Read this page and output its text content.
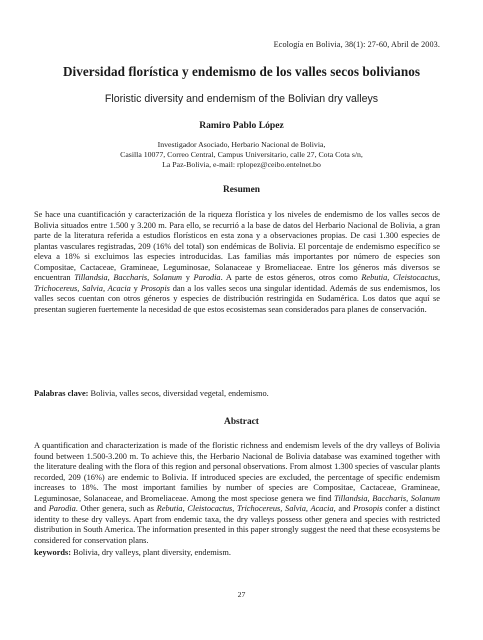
Ecología en Bolivia, 38(1): 27-60, Abril de 2003.
Diversidad florística y endemismo de los valles secos bolivianos
Floristic diversity and endemism of the Bolivian dry valleys
Ramiro Pablo López
Investigador Asociado, Herbario Nacional de Bolivia,
Casilla 10077, Correo Central, Campus Universitario, calle 27, Cota Cota s/n,
La Paz-Bolivia, e-mail: rplopez@ceibo.entelnet.bo
Resumen
Se hace una cuantificación y caracterización de la riqueza florística y los niveles de endemismo de los valles secos de Bolivia situados entre 1.500 y 3.200 m. Para ello, se recurrió a la base de datos del Herbario Nacional de Bolivia, a gran parte de la literatura referida a estudios florísticos en esta zona y a observaciones propias. De casi 1.300 especies de plantas vasculares registradas, 209 (16% del total) son endémicas de Bolivia. El porcentaje de endemismo específico se eleva a 18% si excluimos las especies introducidas. Las familias más importantes por número de especies son Compositae, Cactaceae, Gramineae, Leguminosae, Solanaceae y Bromeliaceae. Entre los géneros más diversos se encuentran Tillandsia, Baccharis, Solanum y Parodia. A parte de estos géneros, otros como Rebutia, Cleistocactus, Trichocereus, Salvia, Acacia y Prosopis dan a los valles secos una singular identidad. Además de sus endemismos, los valles secos cuentan con otros géneros y especies de distribución restringida en Sudamérica. Los datos que aquí se presentan sugieren fuertemente la necesidad de que estos ecosistemas sean considerados para planes de conservación.
Palabras clave: Bolivia, valles secos, diversidad vegetal, endemismo.
Abstract
A quantification and characterization is made of the floristic richness and endemism levels of the dry valleys of Bolivia found between 1.500-3.200 m. To achieve this, the Herbario Nacional de Bolivia database was examined together with the literature dealing with the flora of this region and personal observations. From almost 1.300 species of vascular plants recorded, 209 (16%) are endemic to Bolivia. If introduced species are excluded, the percentage of specific endemism increases to 18%. The most important families by number of species are Compositae, Cactaceae, Gramineae, Leguminosae, Solanaceae, and Bromeliaceae. Among the most speciose genera we find Tillandsia, Baccharis, Solanum and Parodia. Other genera, such as Rebutia, Cleistocactus, Trichocereus, Salvia, Acacia, and Prosopis confer a distinct identity to these dry valleys. Apart from endemic taxa, the dry valleys possess other genera and species with restricted distribution in South America. The information presented in this paper strongly suggest the need that these ecosystems be considered for conservation plans.
keywords: Bolivia, dry valleys, plant diversity, endemism.
27
